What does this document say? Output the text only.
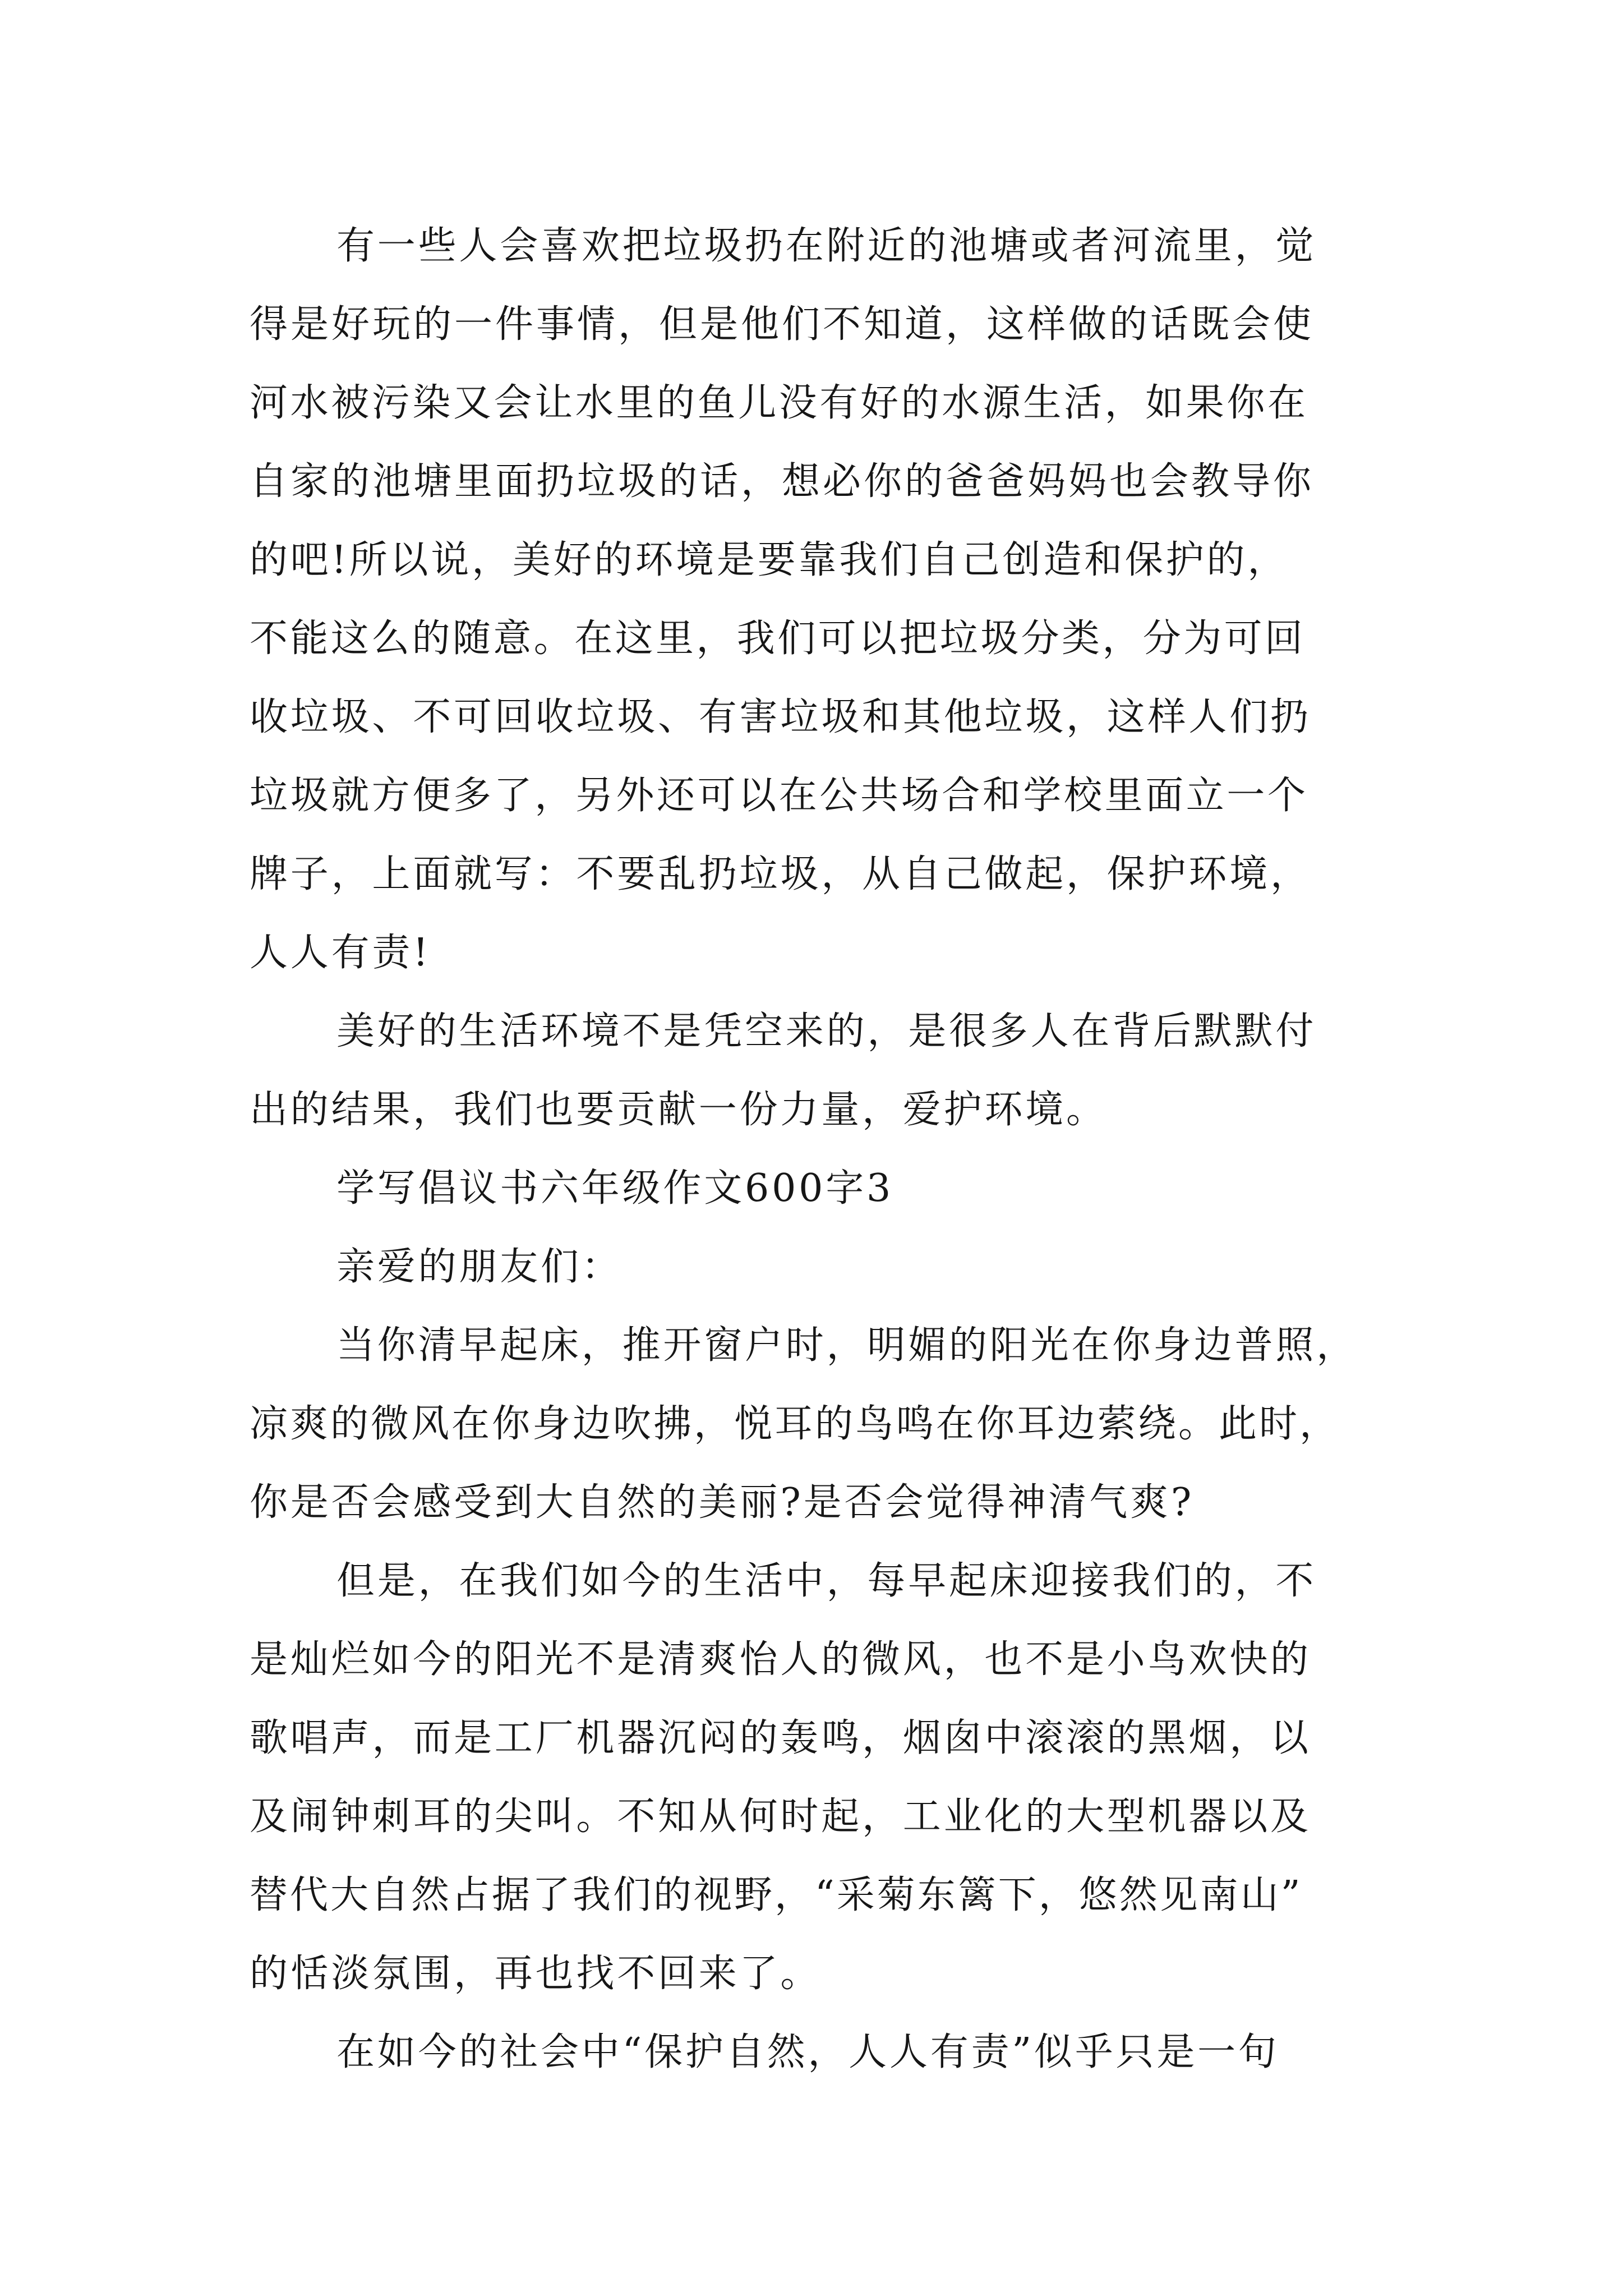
有一些人会喜欢把垃圾扔在附近的池塘或者河流里，觉
得是好玩的一件事情，但是他们不知道，这样做的话既会使
河水被污染又会让水里的鱼儿没有好的水源生活，如果你在
自家的池塘里面扔垃圾的话，想必你的爸爸妈妈也会教导你
的吧!所以说，美好的环境是要靠我们自己创造和保护的，
不能这么的随意。在这里，我们可以把垃圾分类，分为可回
收垃圾、不可回收垃圾、有害垃圾和其他垃圾，这样人们扔
垃圾就方便多了，另外还可以在公共场合和学校里面立一个
牌子，上面就写：不要乱扔垃圾，从自己做起，保护环境，
人人有责!
美好的生活环境不是凭空来的，是很多人在背后默默付
出的结果，我们也要贡献一份力量，爱护环境。
学写倡议书六年级作文600字3
亲爱的朋友们：
当你清早起床，推开窗户时，明媚的阳光在你身边普照，
凉爽的微风在你身边吹拂，悦耳的鸟鸣在你耳边萦绕。此时，
你是否会感受到大自然的美丽?是否会觉得神清气爽?
但是，在我们如今的生活中，每早起床迎接我们的，不
是灿烂如今的阳光不是清爽怡人的微风，也不是小鸟欢快的
歌唱声，而是工厂机器沉闷的轰鸣，烟囱中滚滚的黑烟，以
及闹钟刺耳的尖叫。不知从何时起，工业化的大型机器以及
替代大自然占据了我们的视野，“采菊东篱下，悠然见南山”
的恬淡氛围，再也找不回来了。
在如今的社会中“保护自然，人人有责”似乎只是一句
